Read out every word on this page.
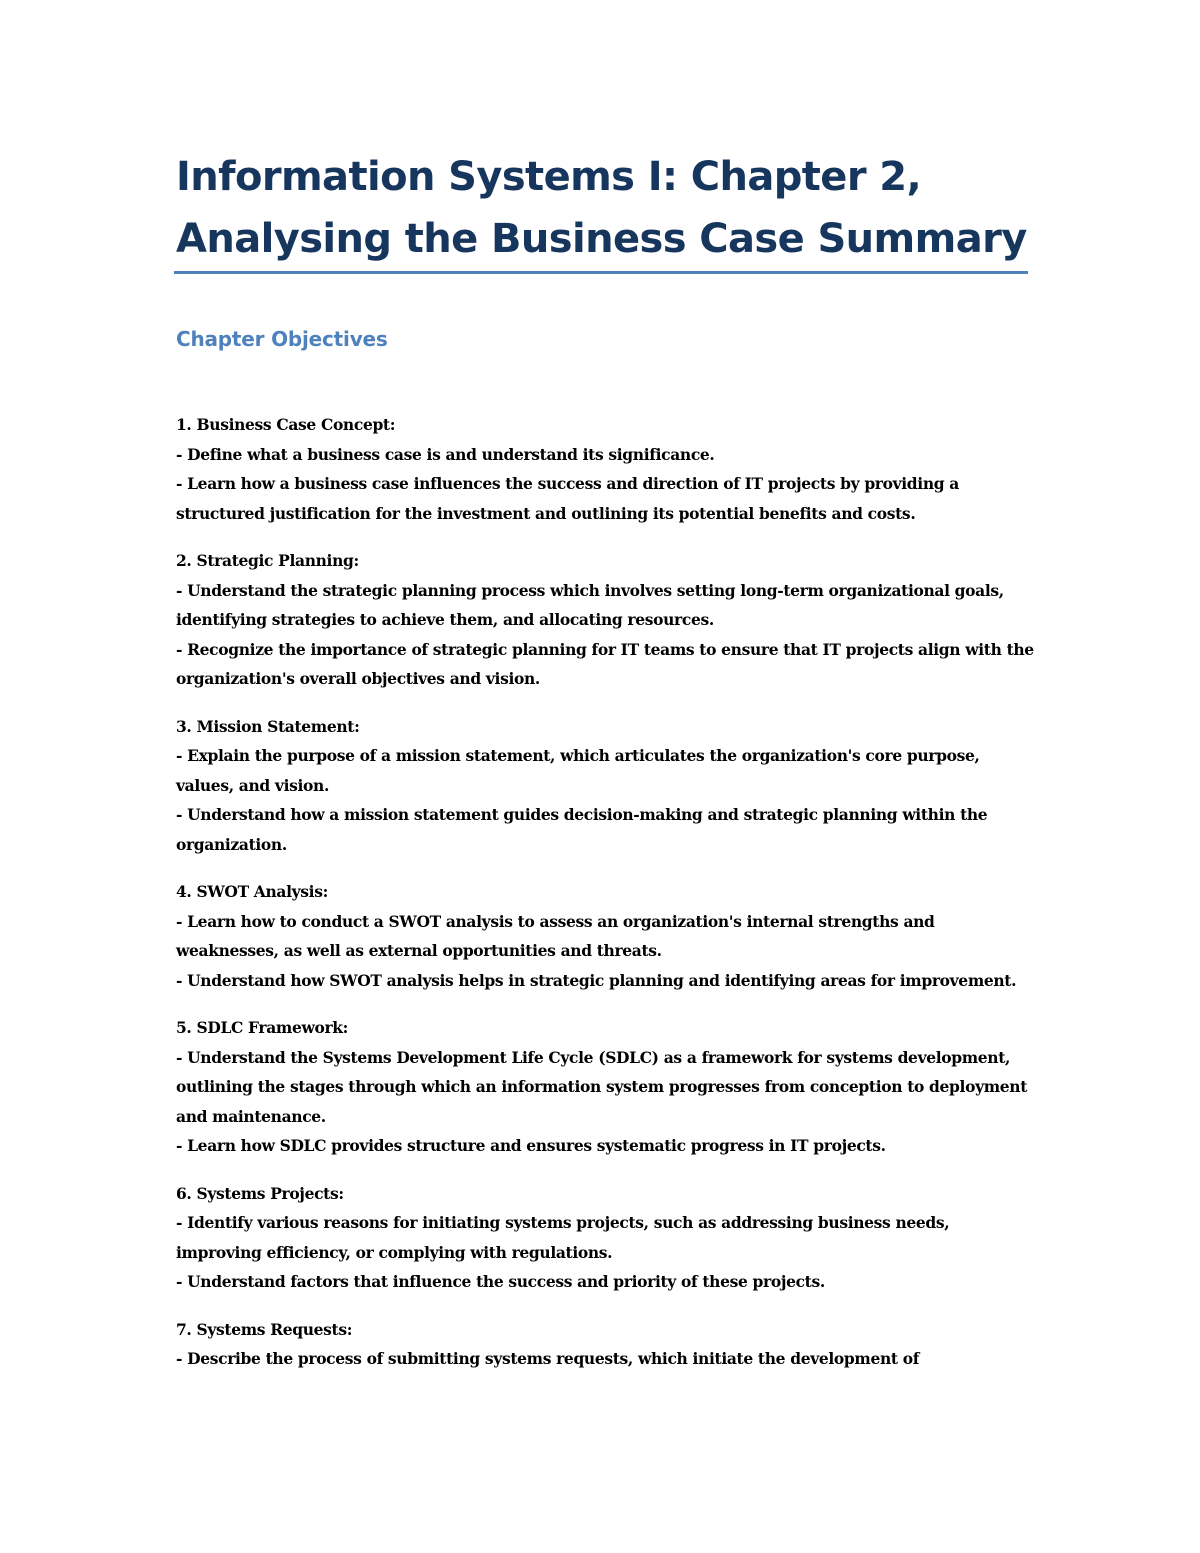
Information Systems I: Chapter 2, Analysing the Business Case Summary
Chapter Objectives
1. Business Case Concept:
- Define what a business case is and understand its significance.
- Learn how a business case influences the success and direction of IT projects by providing a structured justification for the investment and outlining its potential benefits and costs.
2. Strategic Planning:
- Understand the strategic planning process which involves setting long-term organizational goals, identifying strategies to achieve them, and allocating resources.
- Recognize the importance of strategic planning for IT teams to ensure that IT projects align with the organization's overall objectives and vision.
3. Mission Statement:
- Explain the purpose of a mission statement, which articulates the organization's core purpose, values, and vision.
- Understand how a mission statement guides decision-making and strategic planning within the organization.
4. SWOT Analysis:
- Learn how to conduct a SWOT analysis to assess an organization's internal strengths and weaknesses, as well as external opportunities and threats.
- Understand how SWOT analysis helps in strategic planning and identifying areas for improvement.
5. SDLC Framework:
- Understand the Systems Development Life Cycle (SDLC) as a framework for systems development, outlining the stages through which an information system progresses from conception to deployment and maintenance.
- Learn how SDLC provides structure and ensures systematic progress in IT projects.
6. Systems Projects:
- Identify various reasons for initiating systems projects, such as addressing business needs, improving efficiency, or complying with regulations.
- Understand factors that influence the success and priority of these projects.
7. Systems Requests:
- Describe the process of submitting systems requests, which initiate the development of
